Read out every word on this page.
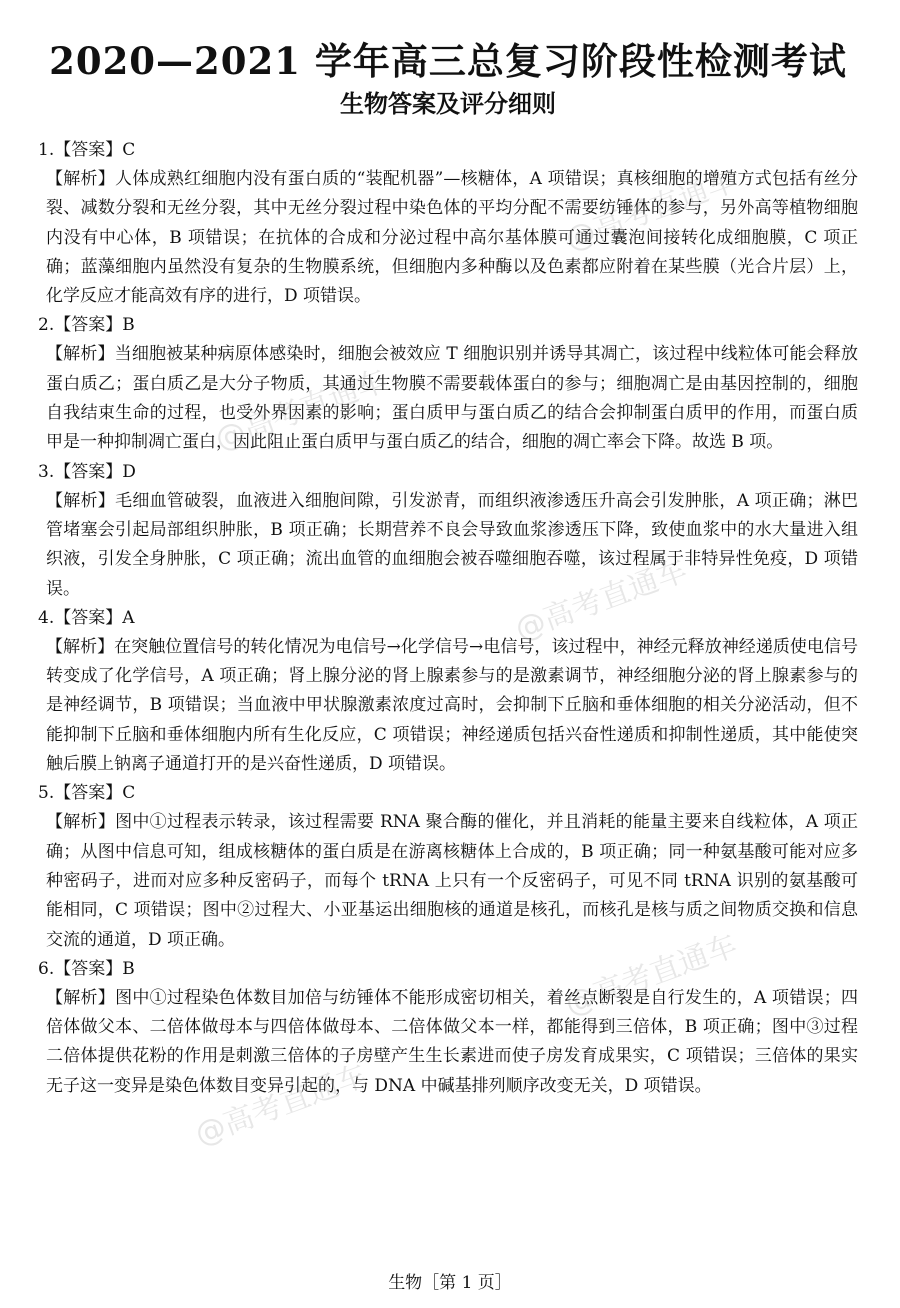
2020—2021 学年高三总复习阶段性检测考试
生物答案及评分细则

1.【答案】C

【解析】人体成熟红细胞内没有蛋白质的“装配机器”—核糖体，A 项错误；真核细胞的增殖方式包括有丝分裂、减数分裂和无丝分裂，其中无丝分裂过程中染色体的平均分配不需要纺锤体的参与，另外高等植物细胞内没有中心体，B 项错误；在抗体的合成和分泌过程中高尔基体膜可通过囊泡间接转化成细胞膜，C 项正确；蓝藻细胞内虽然没有复杂的生物膜系统，但细胞内多种酶以及色素都应附着在某些膜（光合片层）上，化学反应才能高效有序的进行，D 项错误。

2.【答案】B

【解析】当细胞被某种病原体感染时，细胞会被效应 T 细胞识别并诱导其凋亡，该过程中线粒体可能会释放蛋白质乙；蛋白质乙是大分子物质，其通过生物膜不需要载体蛋白的参与；细胞凋亡是由基因控制的，细胞自我结束生命的过程，也受外界因素的影响；蛋白质甲与蛋白质乙的结合会抑制蛋白质甲的作用，而蛋白质甲是一种抑制凋亡蛋白，因此阻止蛋白质甲与蛋白质乙的结合，细胞的凋亡率会下降。故选 B 项。

3.【答案】D

【解析】毛细血管破裂，血液进入细胞间隙，引发淤青，而组织液渗透压升高会引发肿胀，A 项正确；淋巴管堵塞会引起局部组织肿胀，B 项正确；长期营养不良会导致血浆渗透压下降，致使血浆中的水大量进入组织液，引发全身肿胀，C 项正确；流出血管的血细胞会被吞噬细胞吞噬，该过程属于非特异性免疫，D 项错误。

4.【答案】A

【解析】在突触位置信号的转化情况为电信号→化学信号→电信号，该过程中，神经元释放神经递质使电信号转变成了化学信号，A 项正确；肾上腺分泌的肾上腺素参与的是激素调节，神经细胞分泌的肾上腺素参与的是神经调节，B 项错误；当血液中甲状腺激素浓度过高时，会抑制下丘脑和垂体细胞的相关分泌活动，但不能抑制下丘脑和垂体细胞内所有生化反应，C 项错误；神经递质包括兴奋性递质和抑制性递质，其中能使突触后膜上钠离子通道打开的是兴奋性递质，D 项错误。

5.【答案】C

【解析】图中①过程表示转录，该过程需要 RNA 聚合酶的催化，并且消耗的能量主要来自线粒体，A 项正确；从图中信息可知，组成核糖体的蛋白质是在游离核糖体上合成的，B 项正确；同一种氨基酸可能对应多种密码子，进而对应多种反密码子，而每个 tRNA 上只有一个反密码子，可见不同 tRNA 识别的氨基酸可能相同，C 项错误；图中②过程大、小亚基运出细胞核的通道是核孔，而核孔是核与质之间物质交换和信息交流的通道，D 项正确。

6.【答案】B

【解析】图中①过程染色体数目加倍与纺锤体不能形成密切相关，着丝点断裂是自行发生的，A 项错误；四倍体做父本、二倍体做母本与四倍体做母本、二倍体做父本一样，都能得到三倍体，B 项正确；图中③过程二倍体提供花粉的作用是刺激三倍体的子房壁产生生长素进而使子房发育成果实，C 项错误；三倍体的果实无子这一变异是染色体数目变异引起的，与 DNA 中碱基排列顺序改变无关，D 项错误。

@高考直通车
@高考直通车
@高考直通车
@高考直通车
@高考直通车
生物［第 1 页］
